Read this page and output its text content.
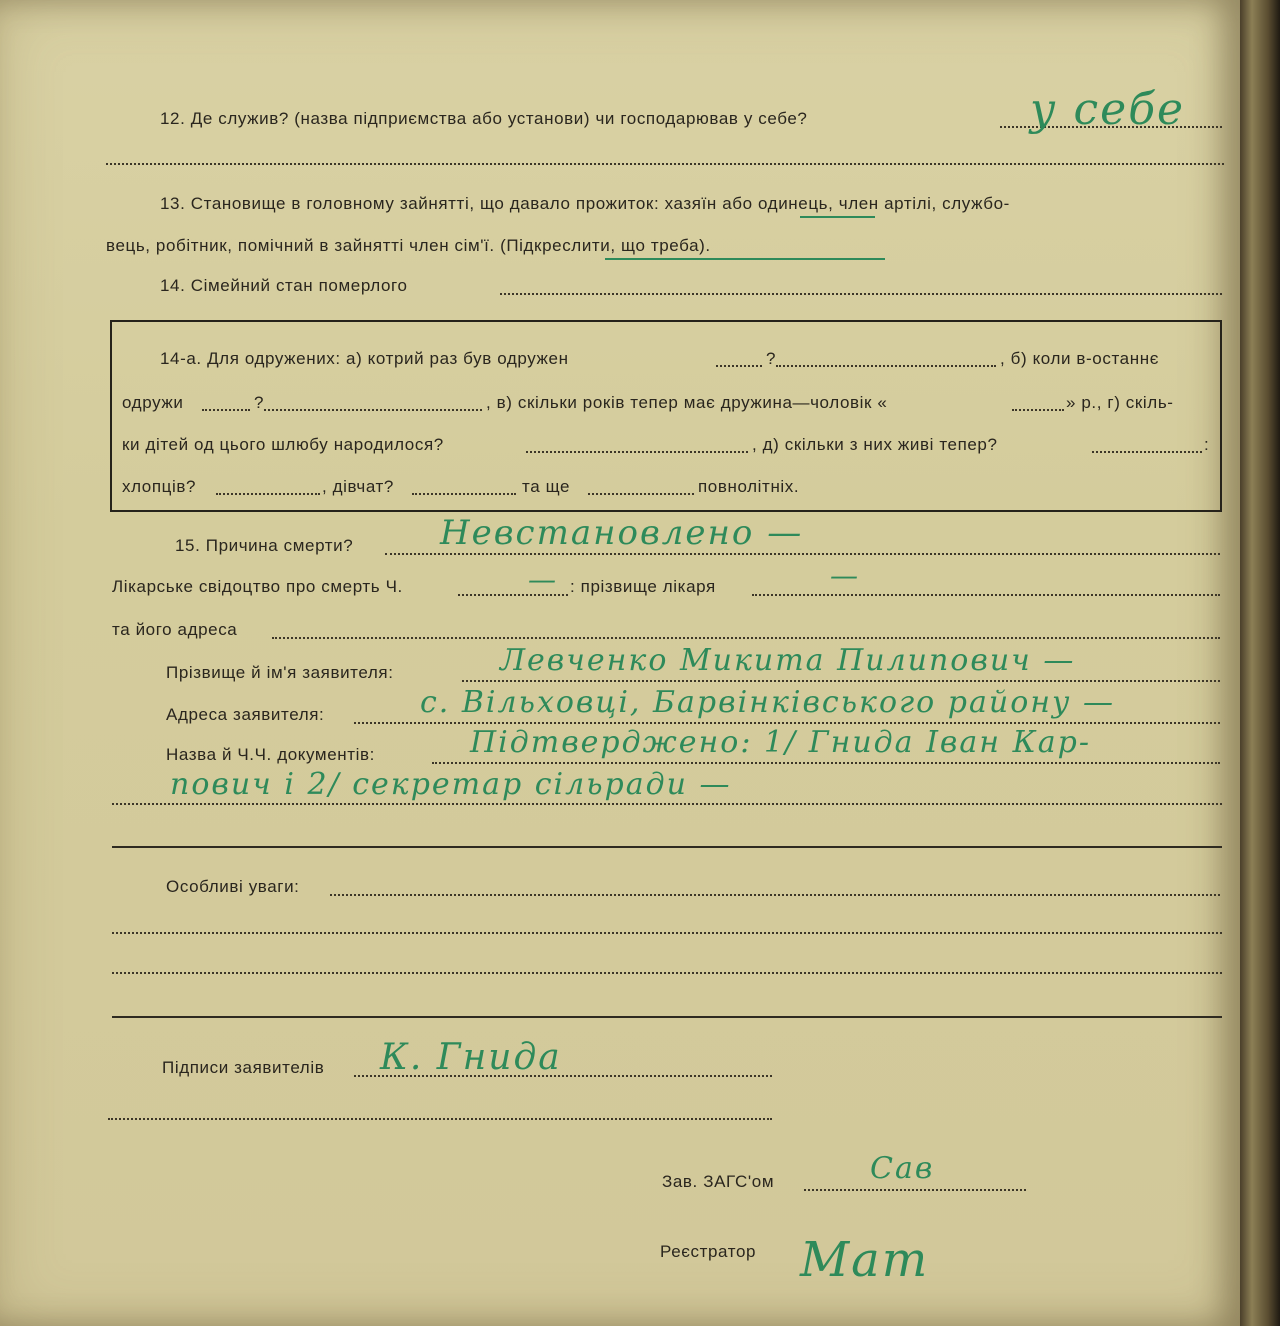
12. Де служив? (назва підприємства або установи) чи господарював у себе?	у себе
13. Становище в головному зайнятті, що давало прожиток: хазяїн або одинець, член артілі, службо-
вець, робітник, помічний в зайнятті член сім'ї. (Підкреслити, що треба).
14. Сімейний стан померлого
14-а. Для одружених: а) котрий раз був одружен	?	, б) коли в-останнє
одружи	?	, в) скільки років тепер має дружина—чоловік «	» р., г) скіль-
ки дітей од цього шлюбу народилося?	, д) скільки з них живі тепер?	:
хлопців?	, дівчат?	та ще	повнолітніх.
15. Причина смерти?	Невстановлено —
Лікарське свідоцтво про смерть Ч.	— : прізвище лікаря	—
та його адреса
Прізвище й ім'я заявителя:	Левченко Микита Пилипович —
Адреса заявителя:	с. Вільховці, Барвінківського району —
Назва й Ч.Ч. документів:	Підтверджено: 1/ Гнида Іван Кар-
пович і 2/ секретар сільради —
Особливі уваги:
Підписи заявителів К. Гнида
Зав. ЗАГС'ом	Сав
Реєстратор Мат
